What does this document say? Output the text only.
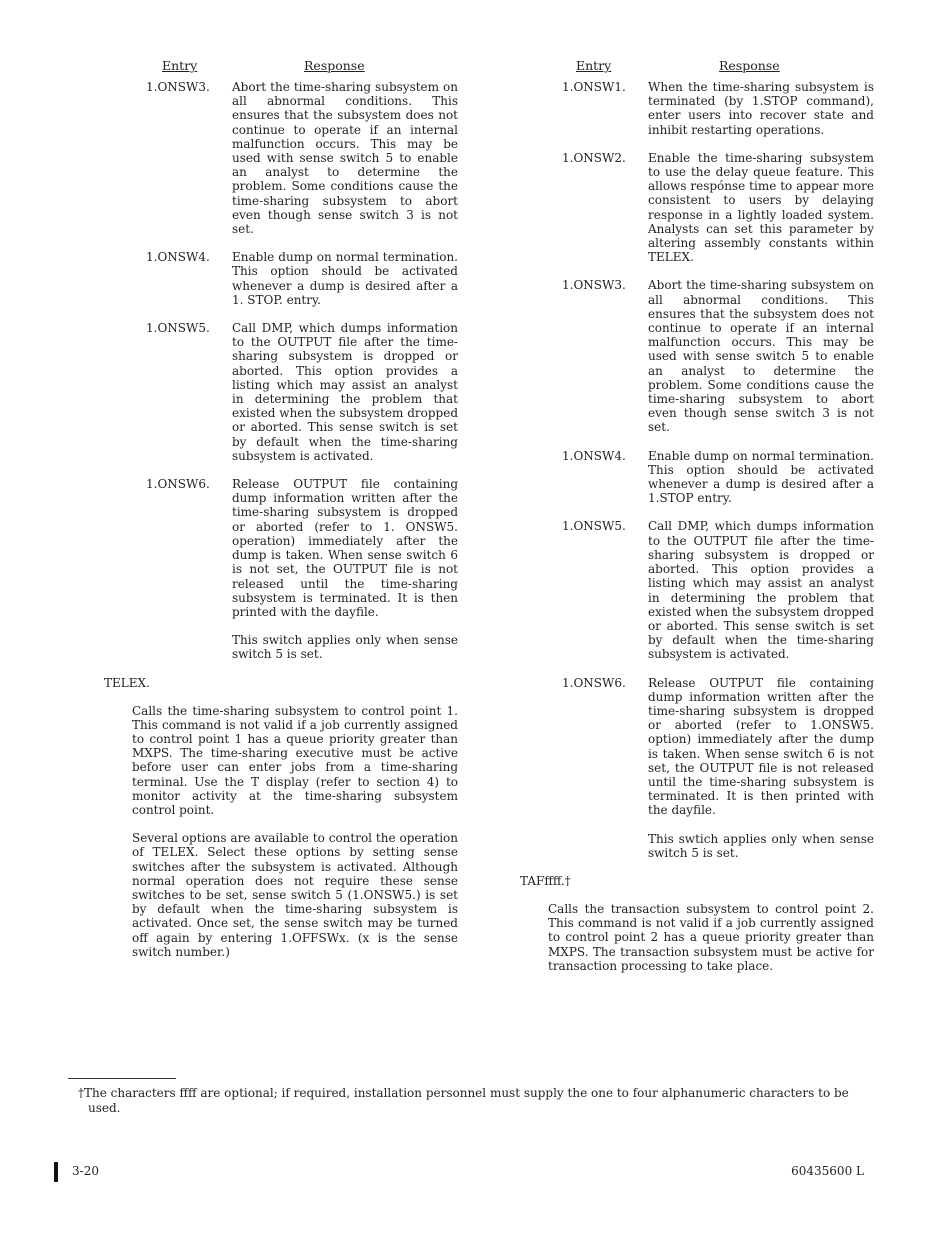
Entry	Response
1.ONSW3. Abort the time-sharing subsystem on all abnormal conditions. This ensures that the subsystem does not continue to operate if an internal malfunction occurs. This may be used with sense switch 5 to enable an analyst to determine the problem. Some conditions cause the time-sharing subsystem to abort even though sense switch 3 is not set.

1.ONSW4. Enable dump on normal termination. This option should be activated whenever a dump is desired after a 1. STOP. entry.

1.ONSW5. Call DMP, which dumps information to the OUTPUT file after the time-sharing subsystem is dropped or aborted. This option provides a listing which may assist an analyst in determining the problem that existed when the subsystem dropped or aborted. This sense switch is set by default when the time-sharing subsystem is activated.

1.ONSW6. Release OUTPUT file containing dump information written after the time-sharing subsystem is dropped or aborted (refer to 1. ONSW5. operation) immediately after the dump is taken. When sense switch 6 is not set, the OUTPUT file is not released until the time-sharing subsystem is terminated. It is then printed with the dayfile.

This switch applies only when sense switch 5 is set.

TELEX.
Calls the time-sharing subsystem to control point 1. This command is not valid if a job currently assigned to control point 1 has a queue priority greater than MXPS. The time-sharing executive must be active before user can enter jobs from a time-sharing terminal. Use the T display (refer to section 4) to monitor activity at the time-sharing subsystem control point.
Several options are available to control the operation of TELEX. Select these options by setting sense switches after the subsystem is activated. Although normal operation does not require these sense switches to be set, sense switch 5 (1.ONSW5.) is set by default when the time-sharing subsystem is activated. Once set, the sense switch may be turned off again by entering 1.OFFSWx. (x is the sense switch number.)
Entry	Response
1.ONSW1. When the time-sharing subsystem is terminated (by 1.STOP command), enter users into recover state and inhibit restarting operations.

1.ONSW2. Enable the time-sharing subsystem to use the delay queue feature. This allows respónse time to appear more consistent to users by delaying response in a lightly loaded system. Analysts can set this parameter by altering assembly constants within TELEX.

1.ONSW3. Abort the time-sharing subsystem on all abnormal conditions. This ensures that the subsystem does not continue to operate if an internal malfunction occurs. This may be used with sense switch 5 to enable an analyst to determine the problem. Some conditions cause the time-sharing subsystem to abort even though sense switch 3 is not set.

1.ONSW4. Enable dump on normal termination. This option should be activated whenever a dump is desired after a 1.STOP entry.

1.ONSW5. Call DMP, which dumps information to the OUTPUT file after the time-sharing subsystem is dropped or aborted. This option provides a listing which may assist an analyst in determining the problem that existed when the subsystem dropped or aborted. This sense switch is set by default when the time-sharing subsystem is activated.

1.ONSW6. Release OUTPUT file containing dump information written after the time-sharing subsystem is dropped or aborted (refer to 1.ONSW5. option) immediately after the dump is taken. When sense switch 6 is not set, the OUTPUT file is not released until the time-sharing subsystem is terminated. It is then printed with the dayfile.

This swtich applies only when sense switch 5 is set.

TAFffff.†
Calls the transaction subsystem to control point 2. This command is not valid if a job currently assigned to control point 2 has a queue priority greater than MXPS. The transaction subsystem must be active for transaction processing to take place.
†The characters ffff are optional; if required, installation personnel must supply the one to four alphanumeric characters to be used.
3-20	60435600 L
